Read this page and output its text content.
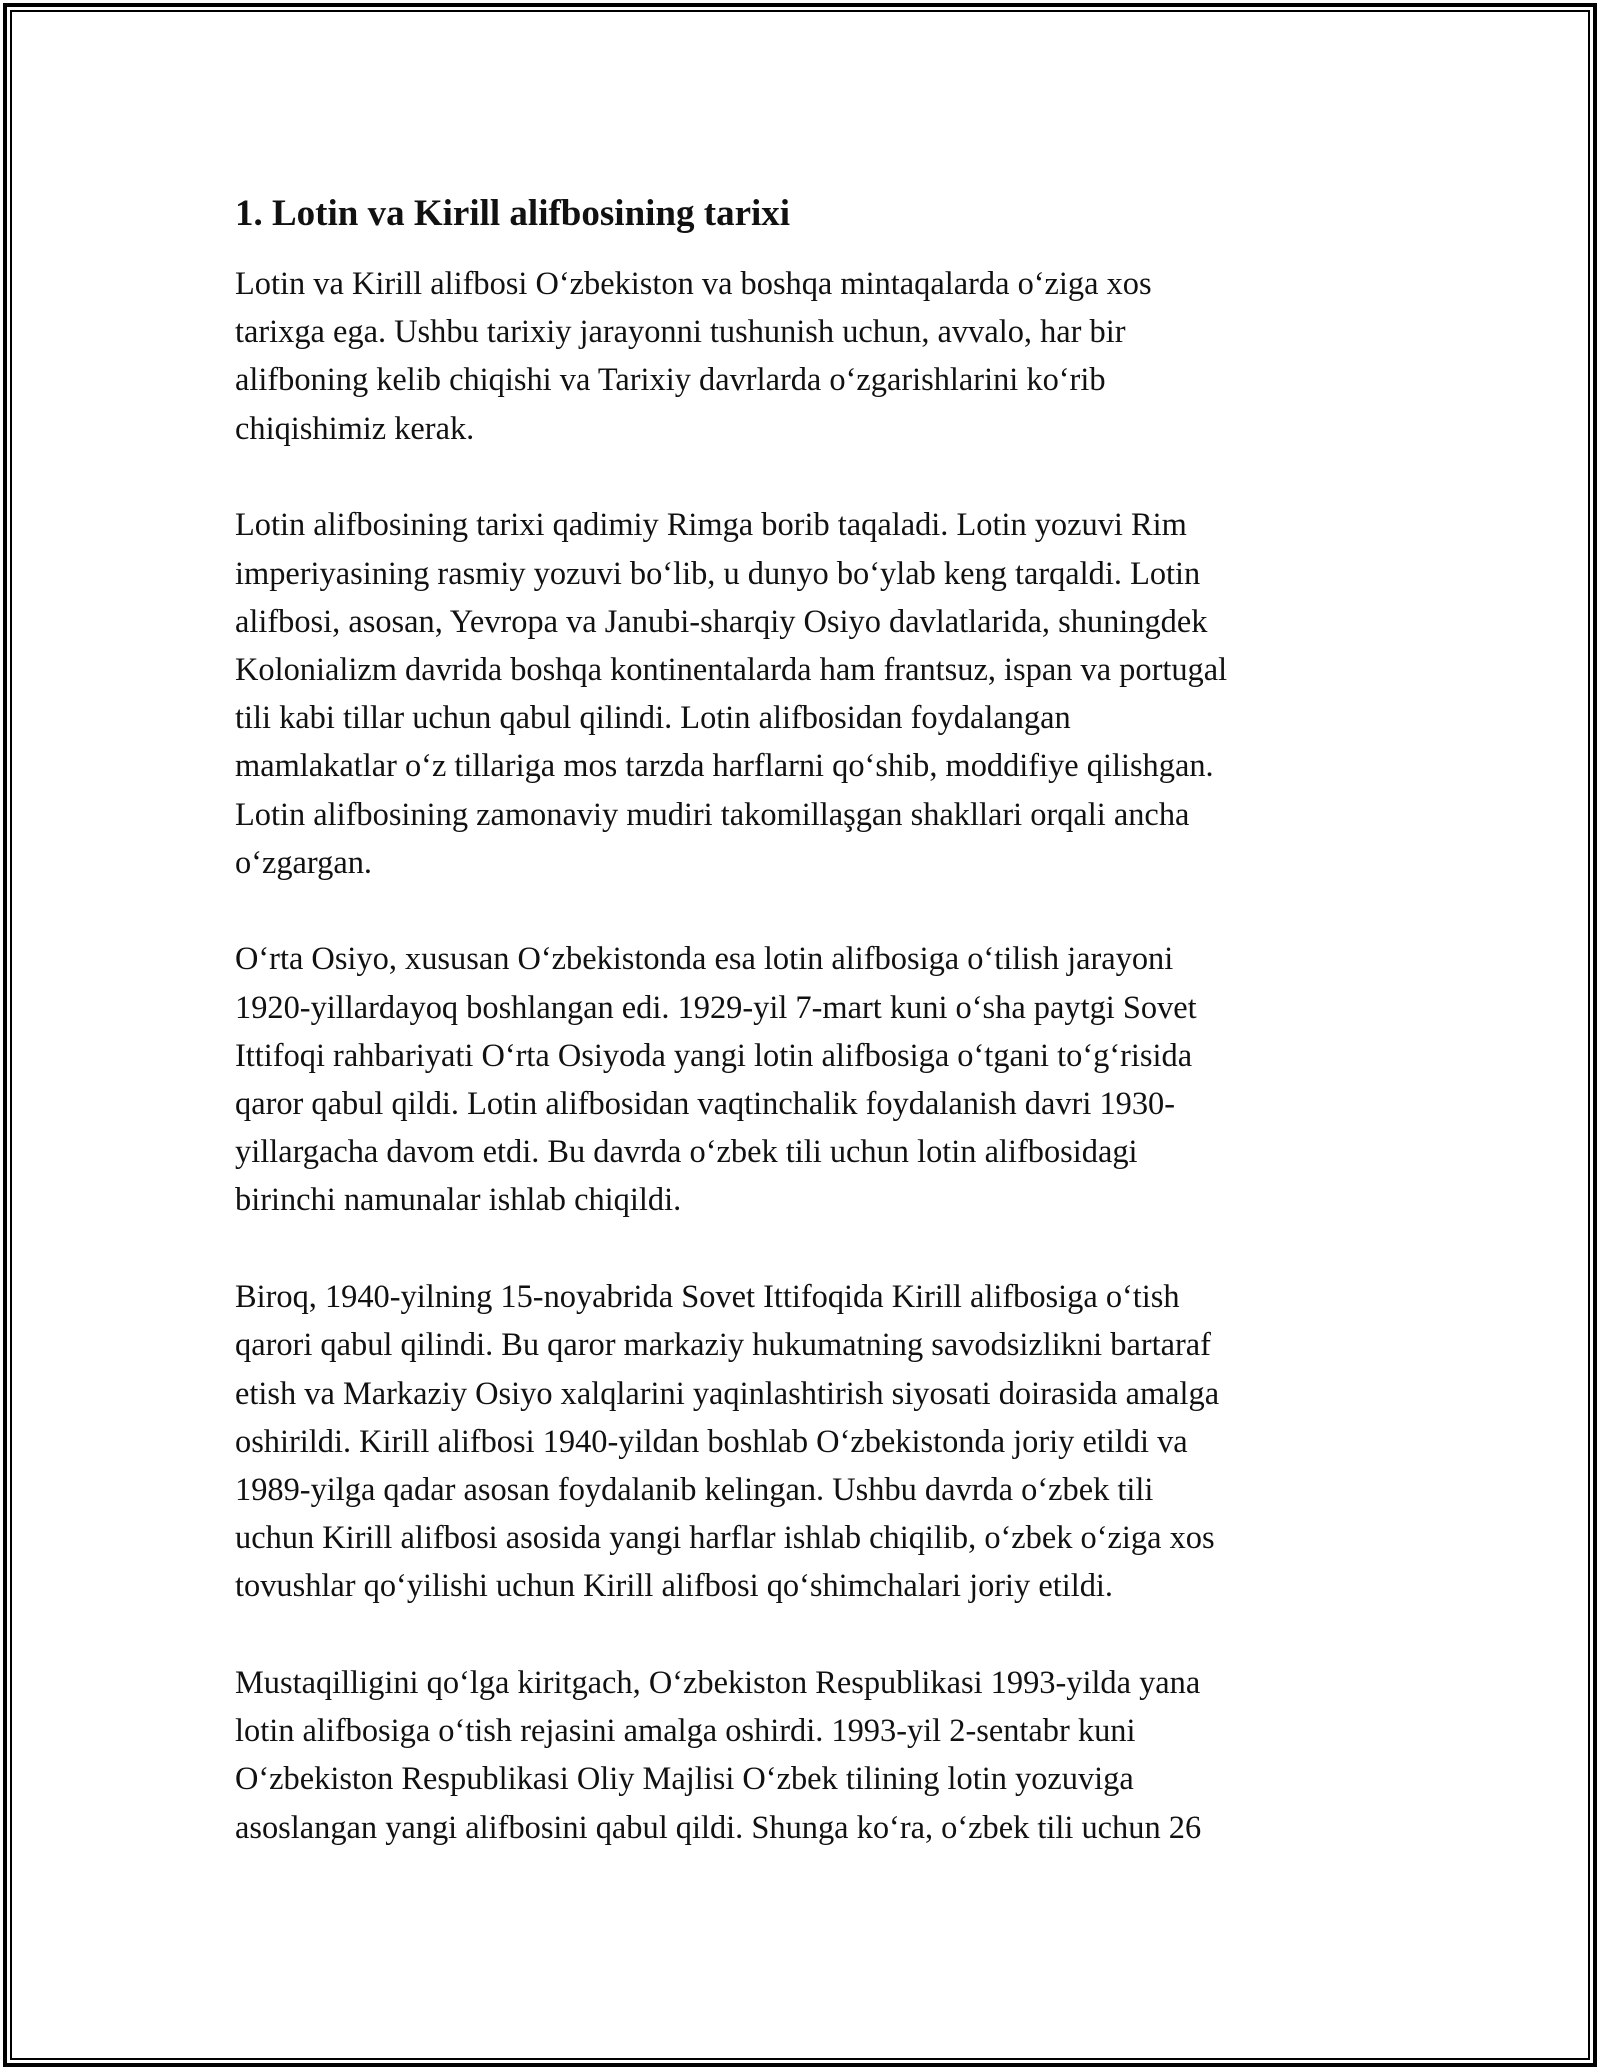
1. Lotin va Kirill alifbosining tarixi
Lotin va Kirill alifbosi O‘zbekiston va boshqa mintaqalarda o‘ziga xos
tarixga ega. Ushbu tarixiy jarayonni tushunish uchun, avvalo, har bir
alifboning kelib chiqishi va Tarixiy davrlarda o‘zgarishlarini ko‘rib
chiqishimiz kerak.
Lotin alifbosining tarixi qadimiy Rimga borib taqaladi. Lotin yozuvi Rim
imperiyasining rasmiy yozuvi bo‘lib, u dunyo bo‘ylab keng tarqaldi. Lotin
alifbosi, asosan, Yevropa va Janubi-sharqiy Osiyo davlatlarida, shuningdek
Kolonializm davrida boshqa kontinentalarda ham frantsuz, ispan va portugal
tili kabi tillar uchun qabul qilindi. Lotin alifbosidan foydalangan
mamlakatlar o‘z tillariga mos tarzda harflarni qo‘shib, moddifiye qilishgan.
Lotin alifbosining zamonaviy mudiri takomillaşgan shakllari orqali ancha
o‘zgargan.
O‘rta Osiyo, xususan O‘zbekistonda esa lotin alifbosiga o‘tilish jarayoni
1920-yillardayoq boshlangan edi. 1929-yil 7-mart kuni o‘sha paytgi Sovet
Ittifoqi rahbariyati O‘rta Osiyoda yangi lotin alifbosiga o‘tgani to‘g‘risida
qaror qabul qildi. Lotin alifbosidan vaqtinchalik foydalanish davri 1930-
yillargacha davom etdi. Bu davrda o‘zbek tili uchun lotin alifbosidagi
birinchi namunalar ishlab chiqildi.
Biroq, 1940-yilning 15-noyabrida Sovet Ittifoqida Kirill alifbosiga o‘tish
qarori qabul qilindi. Bu qaror markaziy hukumatning savodsizlikni bartaraf
etish va Markaziy Osiyo xalqlarini yaqinlashtirish siyosati doirasida amalga
oshirildi. Kirill alifbosi 1940-yildan boshlab O‘zbekistonda joriy etildi va
1989-yilga qadar asosan foydalanib kelingan. Ushbu davrda o‘zbek tili
uchun Kirill alifbosi asosida yangi harflar ishlab chiqilib, o‘zbek o‘ziga xos
tovushlar qo‘yilishi uchun Kirill alifbosi qo‘shimchalari joriy etildi.
Mustaqilligini qo‘lga kiritgach, O‘zbekiston Respublikasi 1993-yilda yana
lotin alifbosiga o‘tish rejasini amalga oshirdi. 1993-yil 2-sentabr kuni
O‘zbekiston Respublikasi Oliy Majlisi O‘zbek tilining lotin yozuviga
asoslangan yangi alifbosini qabul qildi. Shunga ko‘ra, o‘zbek tili uchun 26
